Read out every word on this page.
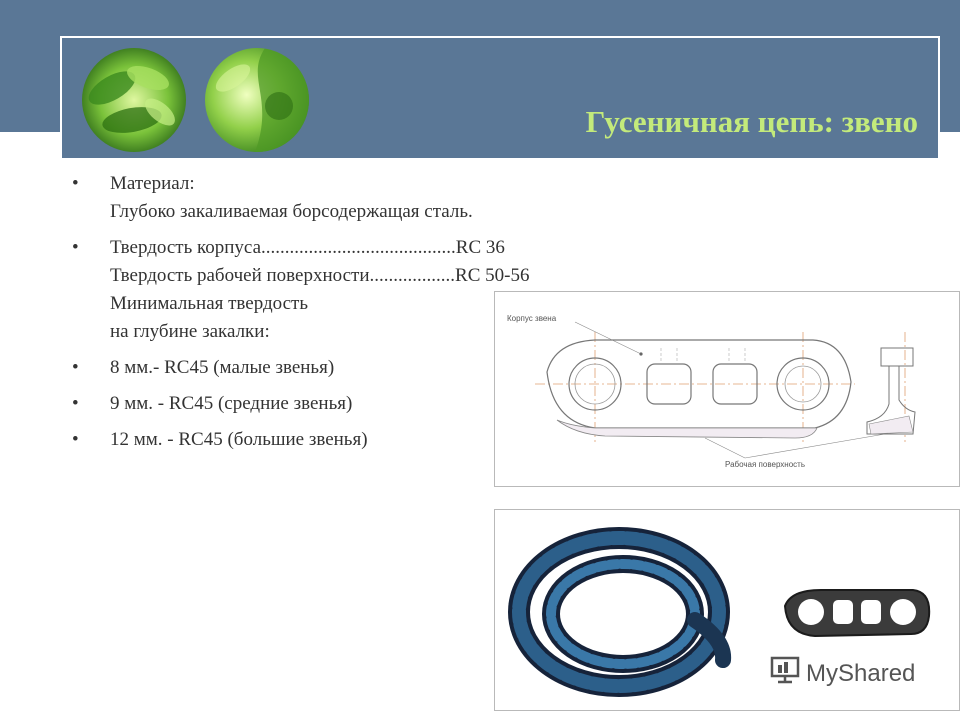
Гусеничная цепь: звено
• Материал:
Глубоко закаливаемая борсодержащая сталь.
• Твердость корпуса.........................................RC 36
Твердость рабочей поверхности..................RC 50-56
Минимальная твердость
на глубине закалки:
• 8 мм.- RC45 (малые звенья)
• 9 мм. - RC45 (средние звенья)
• 12 мм. - RC45 (большие звенья)
Корпус звена
Рабочая поверхность
MyShared
